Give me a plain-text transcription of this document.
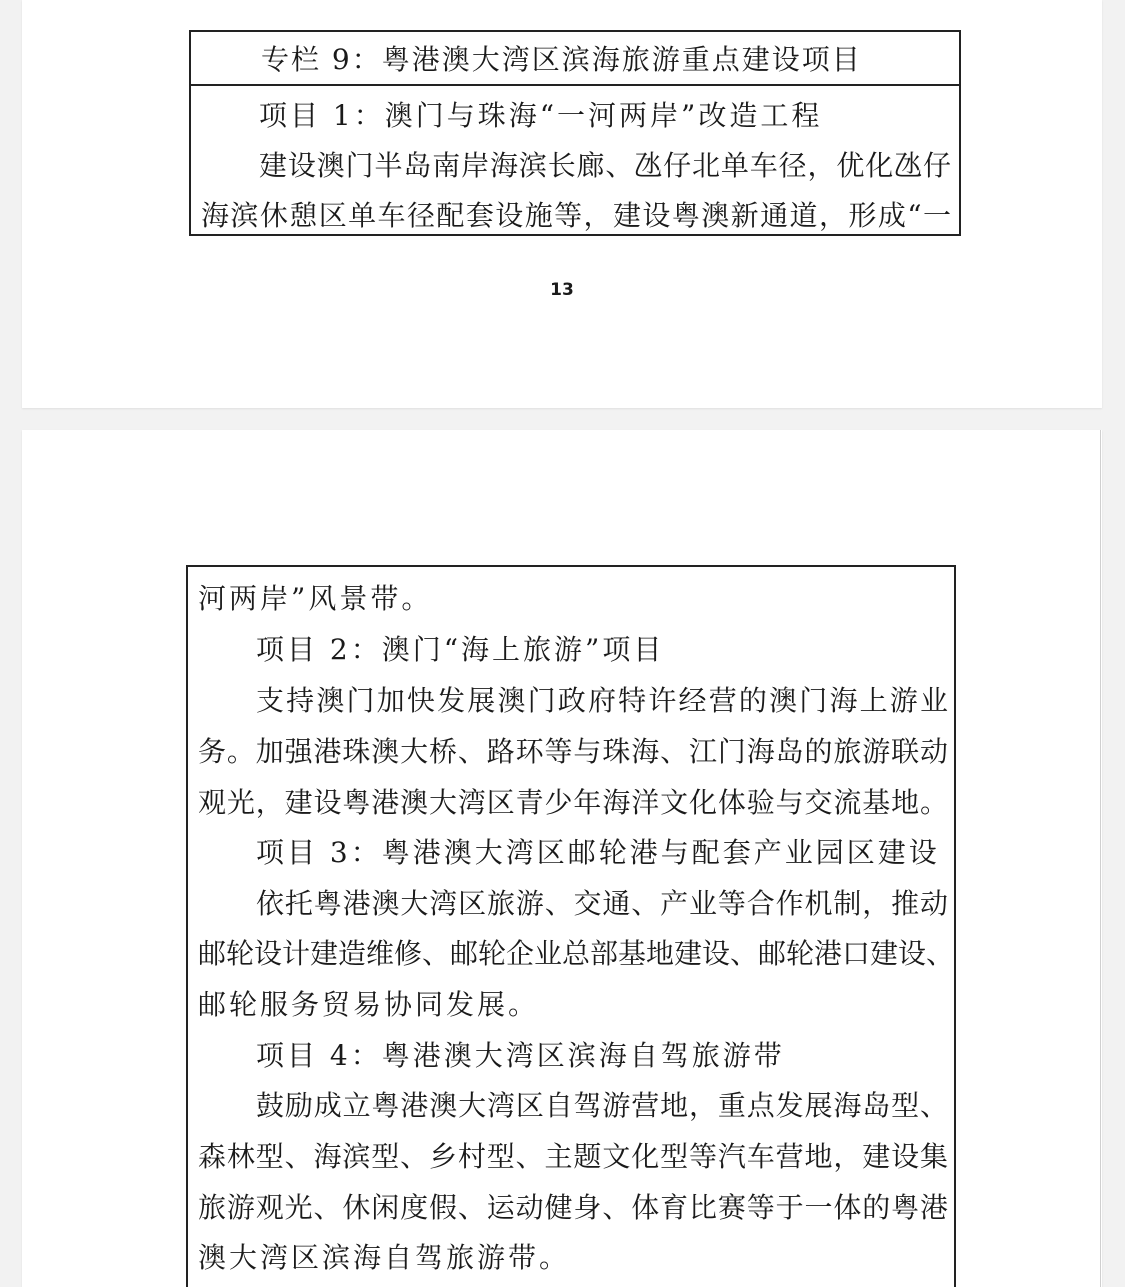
专栏 9：粤港澳大湾区滨海旅游重点建设项目
项目 1：澳门与珠海“一河两岸”改造工程
建设澳门半岛南岸海滨长廊、氹仔北单车径，优化氹仔
海滨休憩区单车径配套设施等，建设粤澳新通道，形成“一
13
河两岸”风景带。
项目 2：澳门“海上旅游”项目
支持澳门加快发展澳门政府特许经营的澳门海上游业
务。加强港珠澳大桥、路环等与珠海、江门海岛的旅游联动
观光，建设粤港澳大湾区青少年海洋文化体验与交流基地。
项目 3：粤港澳大湾区邮轮港与配套产业园区建设
依托粤港澳大湾区旅游、交通、产业等合作机制，推动
邮轮设计建造维修、邮轮企业总部基地建设、邮轮港口建设、
邮轮服务贸易协同发展。
项目 4：粤港澳大湾区滨海自驾旅游带
鼓励成立粤港澳大湾区自驾游营地，重点发展海岛型、
森林型、海滨型、乡村型、主题文化型等汽车营地，建设集
旅游观光、休闲度假、运动健身、体育比赛等于一体的粤港
澳大湾区滨海自驾旅游带。
